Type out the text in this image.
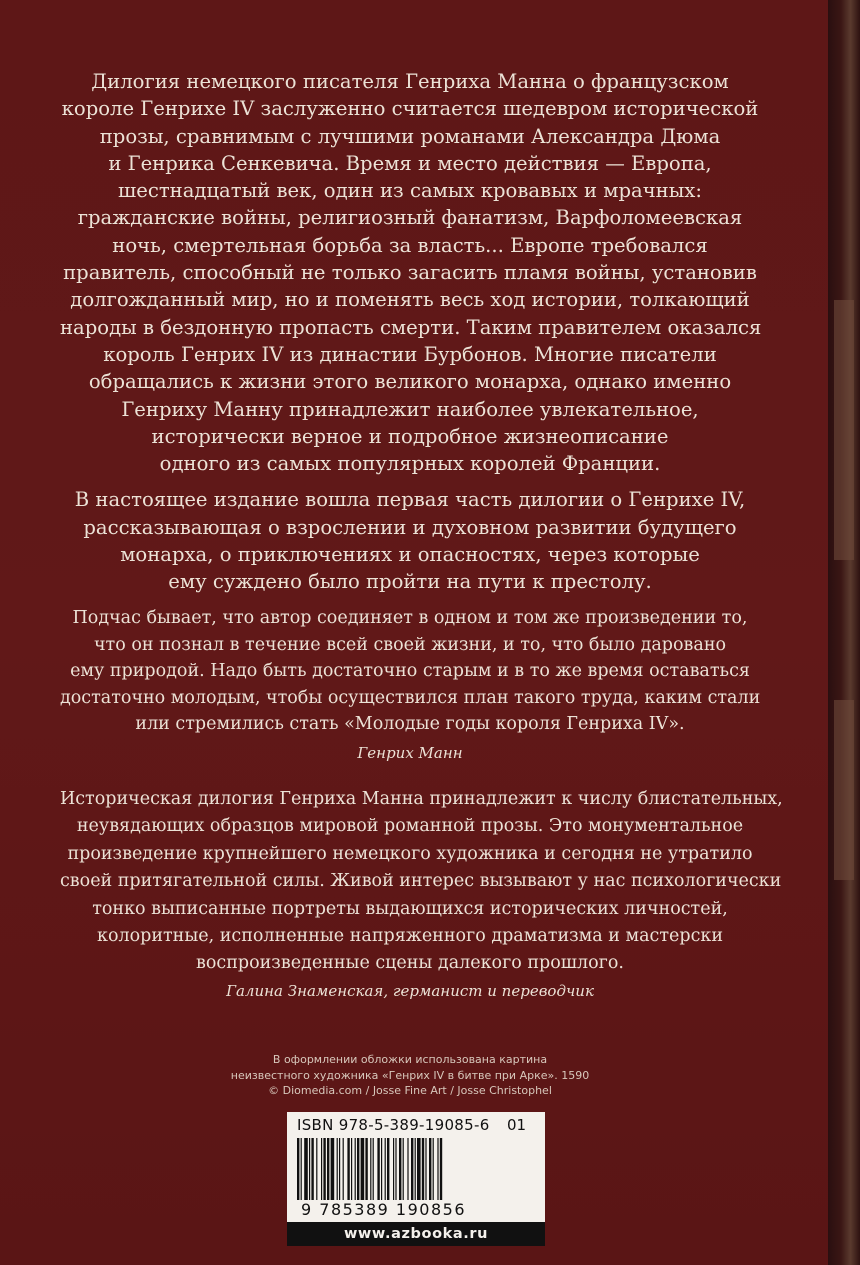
Дилогия немецкого писателя Генриха Манна о французском

короле Генрихе IV заслуженно считается шедевром исторической

прозы, сравнимым с лучшими романами Александра Дюма

и Генрика Сенкевича. Время и место действия — Европа,

шестнадцатый век, один из самых кровавых и мрачных:

гражданские войны, религиозный фанатизм, Варфоломеевская

ночь, смертельная борьба за власть... Европе требовался

правитель, способный не только загасить пламя войны, установив

долгожданный мир, но и поменять весь ход истории, толкающий

народы в бездонную пропасть смерти. Таким правителем оказался

король Генрих IV из династии Бурбонов. Многие писатели

обращались к жизни этого великого монарха, однако именно

Генриху Манну принадлежит наиболее увлекательное,

исторически верное и подробное жизнеописание

одного из самых популярных королей Франции.

В настоящее издание вошла первая часть дилогии о Генрихе IV,

рассказывающая о взрослении и духовном развитии будущего

монарха, о приключениях и опасностях, через которые

ему суждено было пройти на пути к престолу.

Подчас бывает, что автор соединяет в одном и том же произведении то,

что он познал в течение всей своей жизни, и то, что было даровано

ему природой. Надо быть достаточно старым и в то же время оставаться

достаточно молодым, чтобы осуществился план такого труда, каким стали

или стремились стать «Молодые годы короля Генриха IV».

Генрих Манн

Историческая дилогия Генриха Манна принадлежит к числу блистательных,

неувядающих образцов мировой романной прозы. Это монументальное

произведение крупнейшего немецкого художника и сегодня не утратило

своей притягательной силы. Живой интерес вызывают у нас психологически

тонко выписанные портреты выдающихся исторических личностей,

колоритные, исполненные напряженного драматизма и мастерски

воспроизведенные сцены далекого прошлого.

Галина Знаменская, германист и переводчик

В оформлении обложки использована картина

неизвестного художника «Генрих IV в битве при Арке». 1590

© Diomedia.com / Josse Fine Art / Josse Christophel

ISBN 978-5-389-19085-6 01
9 785389 190856
www.azbooka.ru
